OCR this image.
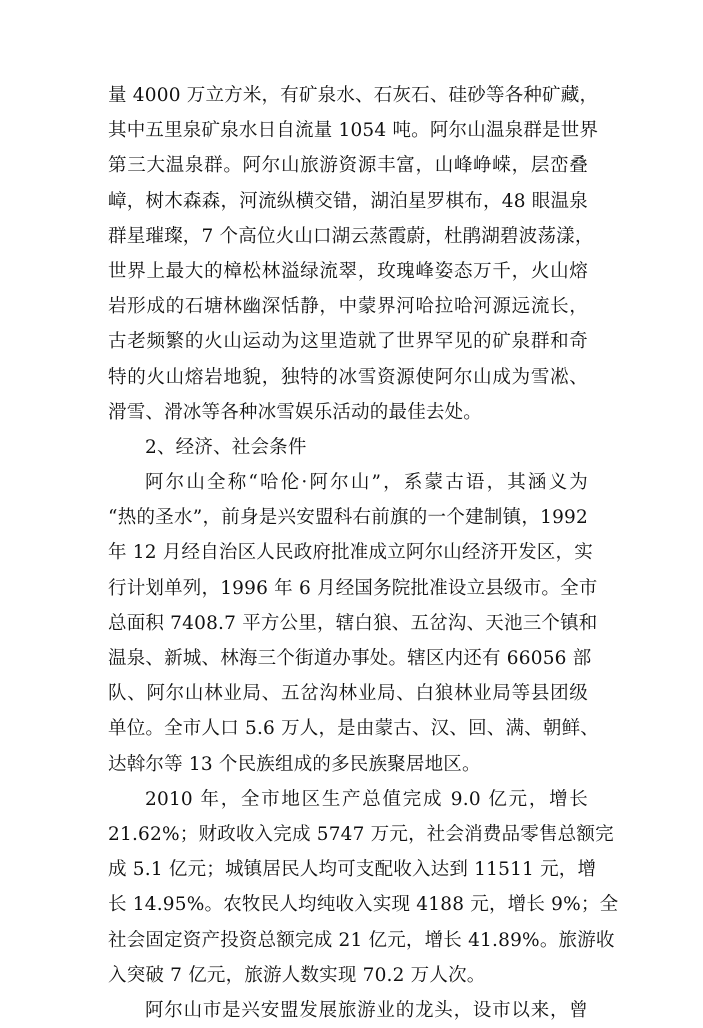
量 4000 万立方米，有矿泉水、石灰石、硅砂等各种矿藏，
其中五里泉矿泉水日自流量 1054 吨。阿尔山温泉群是世界
第三大温泉群。阿尔山旅游资源丰富，山峰峥嵘，层峦叠
嶂，树木森森，河流纵横交错，湖泊星罗棋布，48 眼温泉
群星璀璨，7 个高位火山口湖云蒸霞蔚，杜鹃湖碧波荡漾，
世界上最大的樟松林溢绿流翠，玫瑰峰姿态万千，火山熔
岩形成的石塘林幽深恬静，中蒙界河哈拉哈河源远流长，
古老频繁的火山运动为这里造就了世界罕见的矿泉群和奇
特的火山熔岩地貌，独特的冰雪资源使阿尔山成为雪凇、
滑雪、滑冰等各种冰雪娱乐活动的最佳去处。
2、经济、社会条件
阿尔山全称“哈伦·阿尔山”，系蒙古语，其涵义为
“热的圣水”，前身是兴安盟科右前旗的一个建制镇，1992
年 12 月经自治区人民政府批准成立阿尔山经济开发区，实
行计划单列，1996 年 6 月经国务院批准设立县级市。全市
总面积 7408.7 平方公里，辖白狼、五岔沟、天池三个镇和
温泉、新城、林海三个街道办事处。辖区内还有 66056 部
队、阿尔山林业局、五岔沟林业局、白狼林业局等县团级
单位。全市人口 5.6 万人，是由蒙古、汉、回、满、朝鲜、
达斡尔等 13 个民族组成的多民族聚居地区。
2010 年，全市地区生产总值完成 9.0 亿元，增长
21.62%；财政收入完成 5747 万元，社会消费品零售总额完
成 5.1 亿元；城镇居民人均可支配收入达到 11511 元，增
长 14.95%。农牧民人均纯收入实现 4188 元，增长 9%；全
社会固定资产投资总额完成 21 亿元，增长 41.89%。旅游收
入突破 7 亿元，旅游人数实现 70.2 万人次。
阿尔山市是兴安盟发展旅游业的龙头，设市以来，曾
